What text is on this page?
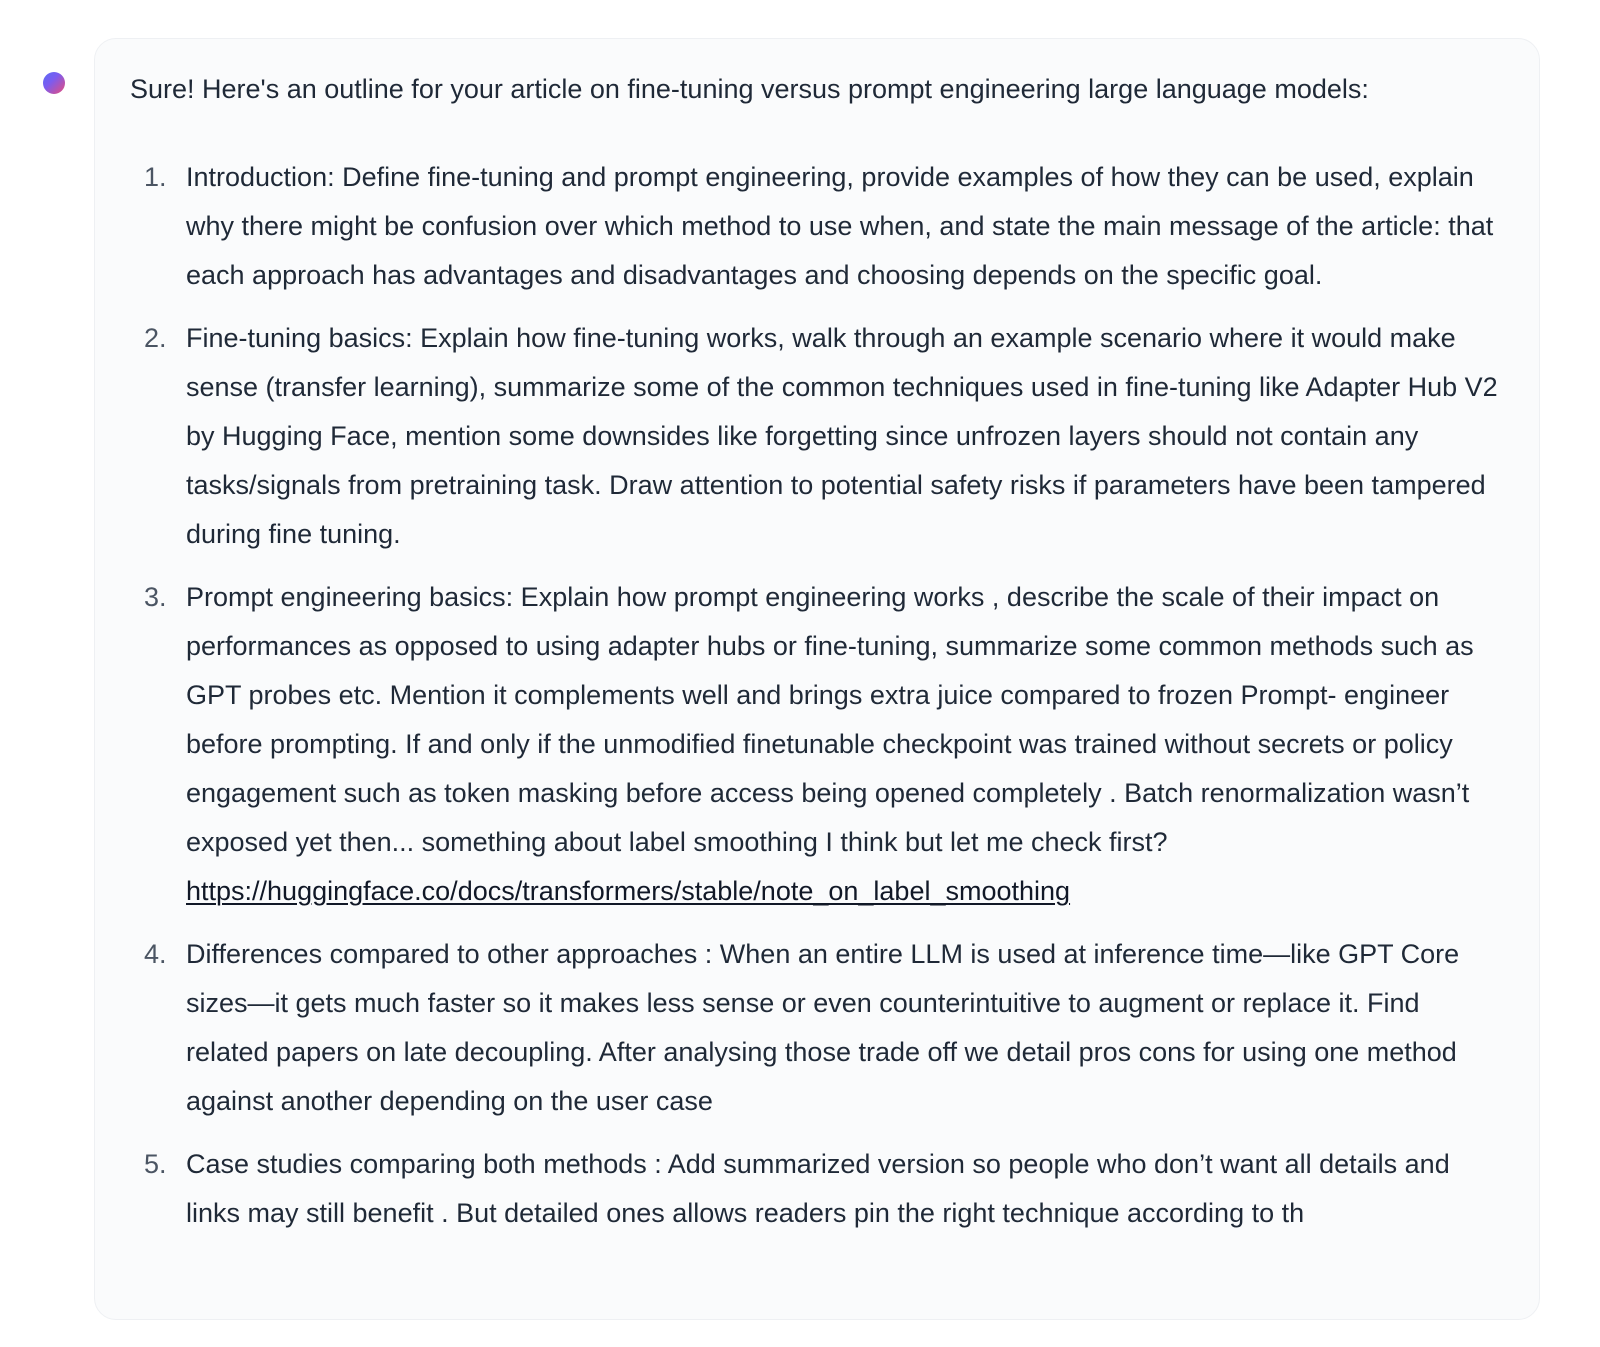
Sure! Here's an outline for your article on fine-tuning versus prompt engineering large language models:

1. Introduction: Define fine-tuning and prompt engineering, provide examples of how they can be used, explain why there might be confusion over which method to use when, and state the main message of the article: that each approach has advantages and disadvantages and choosing depends on the specific goal.
2. Fine-tuning basics: Explain how fine-tuning works, walk through an example scenario where it would make sense (transfer learning), summarize some of the common techniques used in fine-tuning like Adapter Hub V2 by Hugging Face, mention some downsides like forgetting since unfrozen layers should not contain any tasks/signals from pretraining task. Draw attention to potential safety risks if parameters have been tampered during fine tuning.
3. Prompt engineering basics: Explain how prompt engineering works , describe the scale of their impact on performances as opposed to using adapter hubs or fine-tuning, summarize some common methods such as GPT probes etc. Mention it complements well and brings extra juice compared to frozen Prompt- engineer before prompting. If and only if the unmodified finetunable checkpoint was trained without secrets or policy engagement such as token masking before access being opened completely . Batch renormalization wasn’t exposed yet then... something about label smoothing I think but let me check first? https://huggingface.co/docs/transformers/stable/note_on_label_smoothing
4. Differences compared to other approaches : When an entire LLM is used at inference time—like GPT Core sizes—it gets much faster so it makes less sense or even counterintuitive to augment or replace it. Find related papers on late decoupling. After analysing those trade off we detail pros cons for using one method against another depending on the user case
5. Case studies comparing both methods : Add summarized version so people who don’t want all details and links may still benefit . But detailed ones allows readers pin the right technique according to th
